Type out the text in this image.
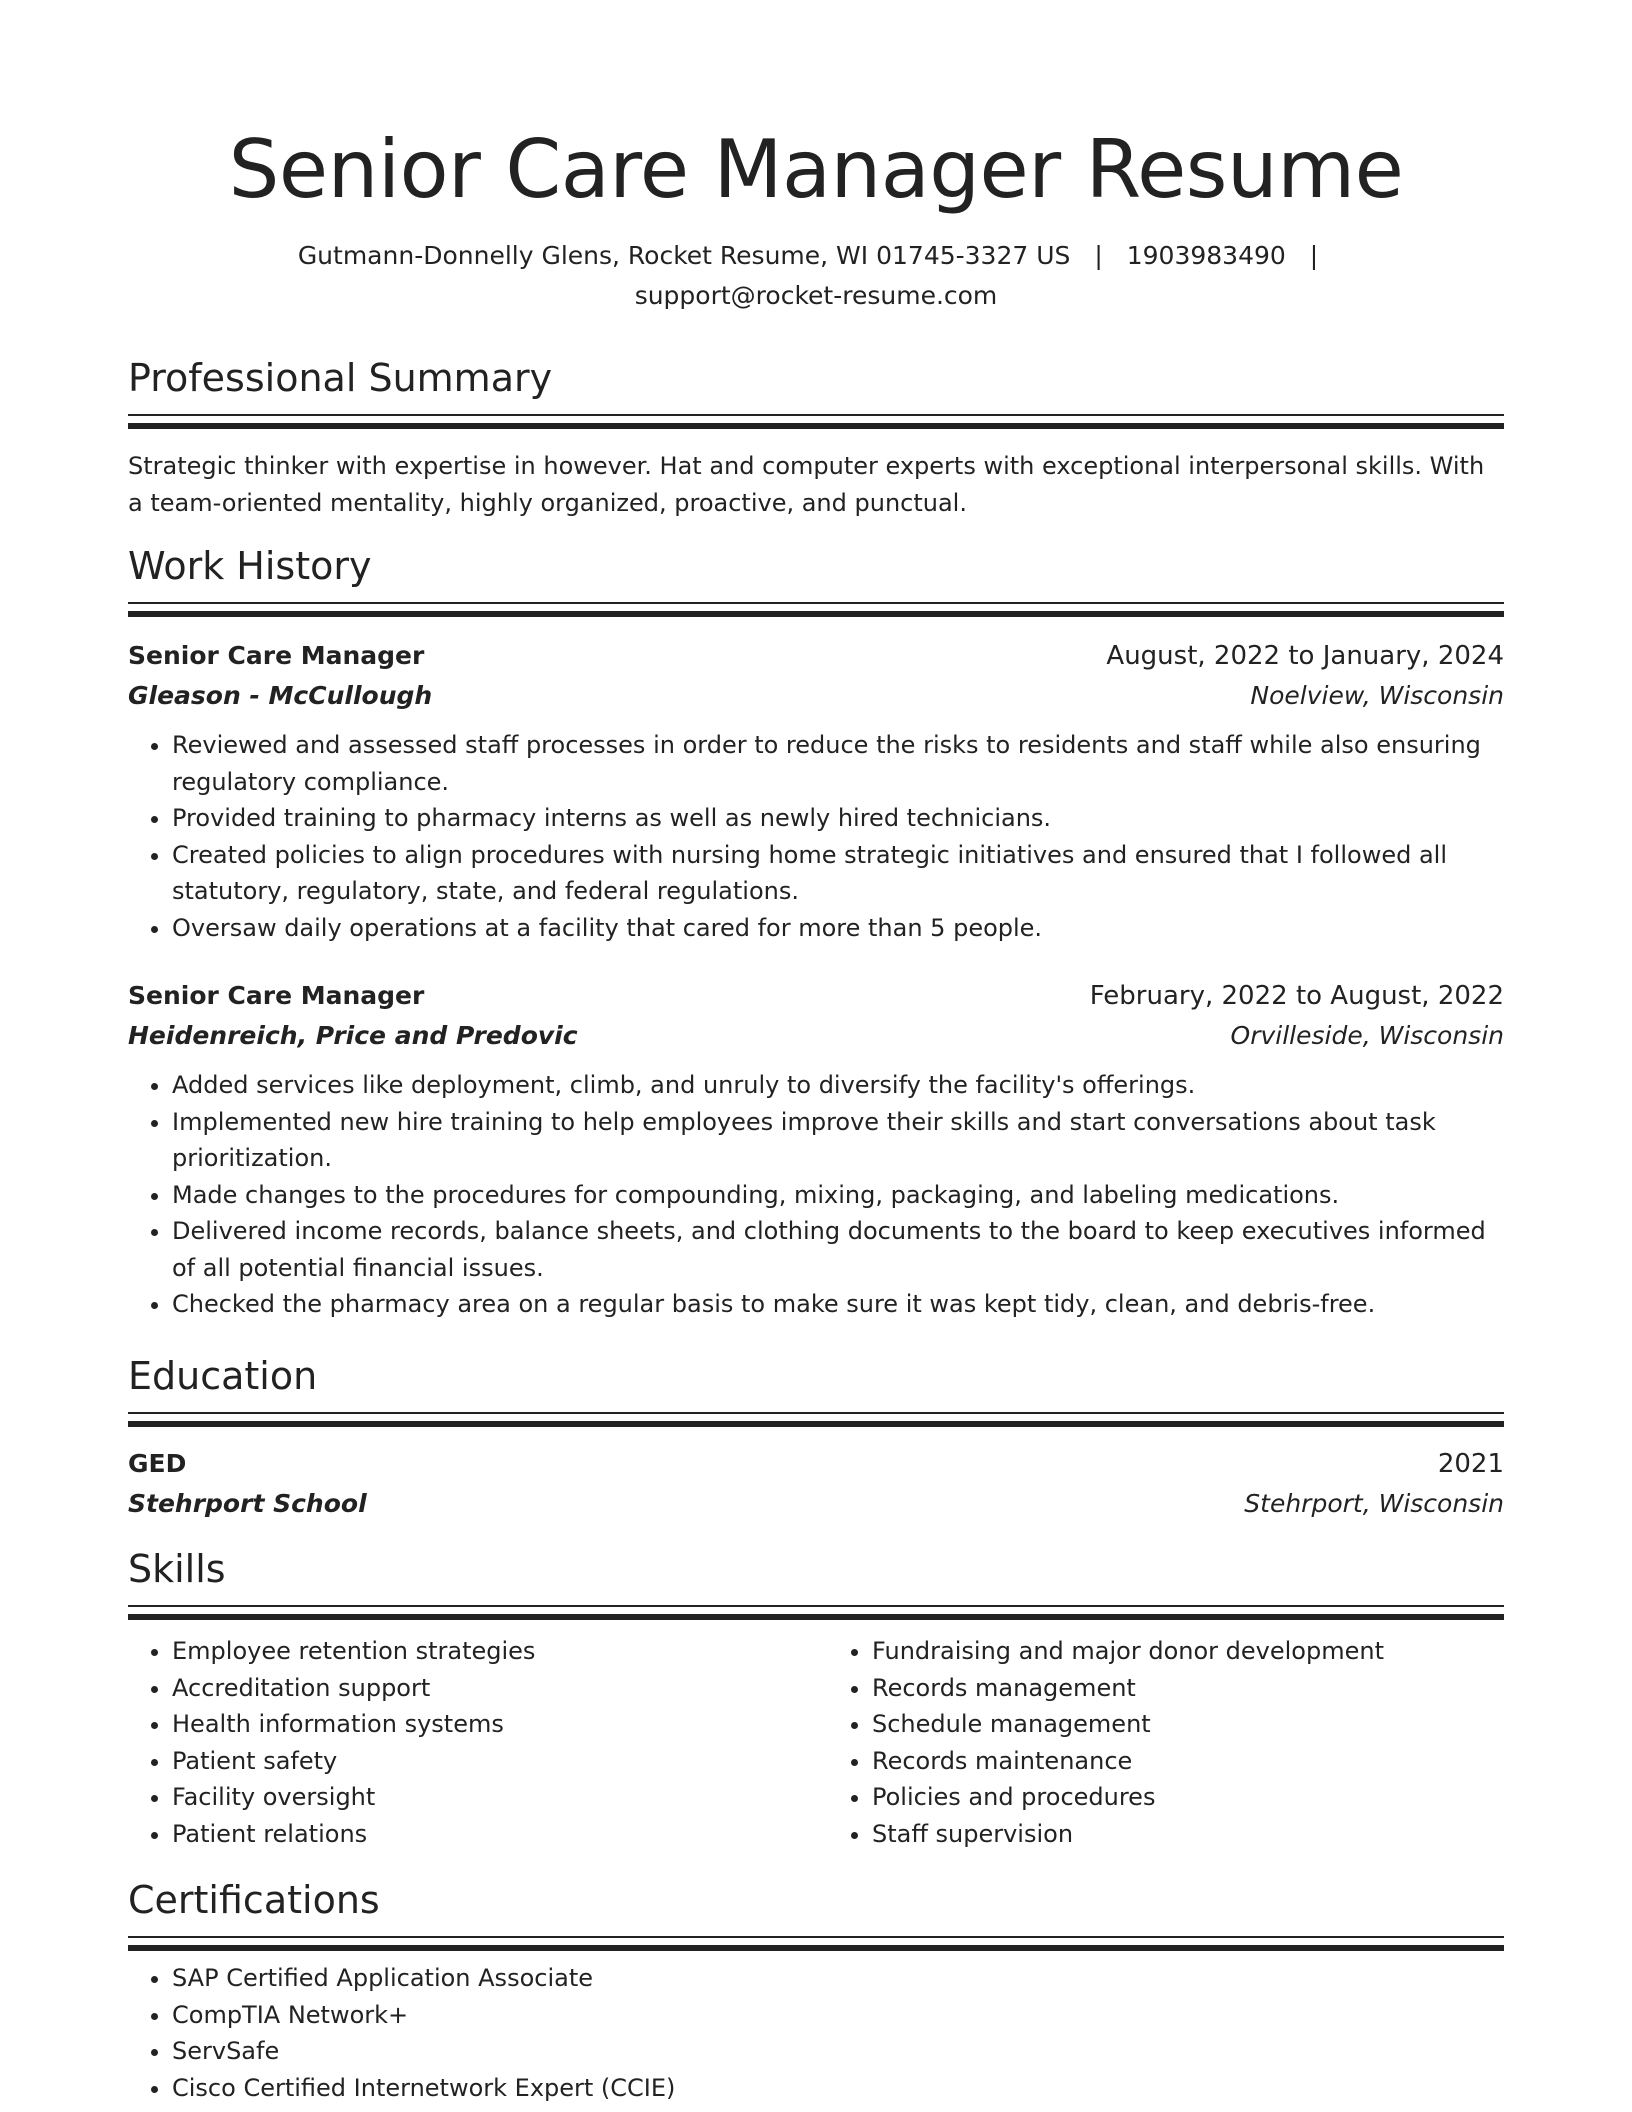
Senior Care Manager Resume
Gutmann-Donnelly Glens, Rocket Resume, WI 01745-3327 US | 1903983490 |
support@rocket-resume.com
Professional Summary

Strategic thinker with expertise in however. Hat and computer experts with exceptional interpersonal skills. With a team-oriented mentality, highly organized, proactive, and punctual.

Work History
Senior Care Manager	August, 2022 to January, 2024
Gleason - McCullough	Noelview, Wisconsin
• Reviewed and assessed staff processes in order to reduce the risks to residents and staff while also ensuring regulatory compliance.
• Provided training to pharmacy interns as well as newly hired technicians.
• Created policies to align procedures with nursing home strategic initiatives and ensured that I followed all statutory, regulatory, state, and federal regulations.
• Oversaw daily operations at a facility that cared for more than 5 people.
Senior Care Manager	February, 2022 to August, 2022
Heidenreich, Price and Predovic	Orvilleside, Wisconsin
• Added services like deployment, climb, and unruly to diversify the facility's offerings.
• Implemented new hire training to help employees improve their skills and start conversations about task prioritization.
• Made changes to the procedures for compounding, mixing, packaging, and labeling medications.
• Delivered income records, balance sheets, and clothing documents to the board to keep executives informed of all potential financial issues.
• Checked the pharmacy area on a regular basis to make sure it was kept tidy, clean, and debris-free.
Education
GED	2021
Stehrport School	Stehrport, Wisconsin
Skills
• Employee retention strategies
• Accreditation support
• Health information systems
• Patient safety
• Facility oversight
• Patient relations
• Fundraising and major donor development
• Records management
• Schedule management
• Records maintenance
• Policies and procedures
• Staff supervision
Certifications
• SAP Certified Application Associate
• CompTIA Network+
• ServSafe
• Cisco Certified Internetwork Expert (CCIE)
